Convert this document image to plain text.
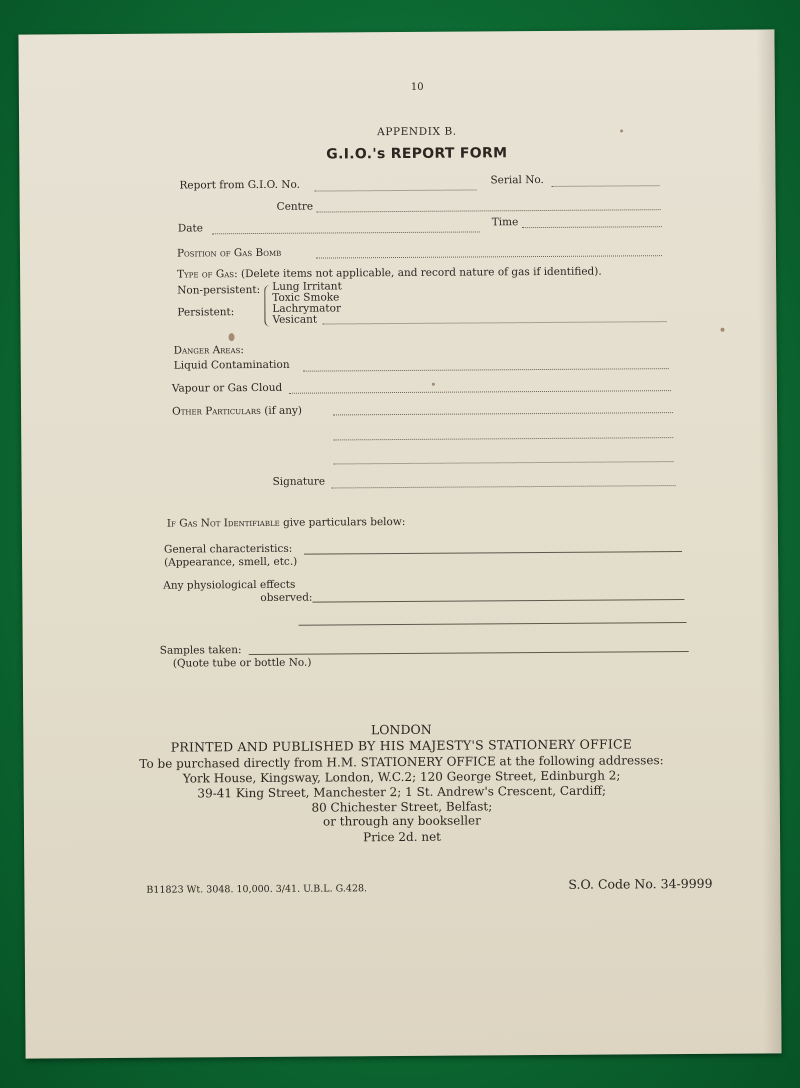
10
APPENDIX B.
G.I.O.'s REPORT FORM
Report from G.I.O. No.	Serial No.
Centre
Date
Time
Position of Gas Bomb
Type of Gas: (Delete items not applicable, and record nature of gas if identified).
Non-persistent:
Persistent:
Lung Irritant
Toxic Smoke
Lachrymator
Vesicant
Danger Areas:
Liquid Contamination
Vapour or Gas Cloud
Other Particulars (if any)
Signature
If Gas Not Identifiable give particulars below:
General characteristics:
(Appearance, smell, etc.)
Any physiological effects
observed:
Samples taken:
(Quote tube or bottle No.)
LONDON
PRINTED AND PUBLISHED BY HIS MAJESTY'S STATIONERY OFFICE
To be purchased directly from H.M. STATIONERY OFFICE at the following addresses:
York House, Kingsway, London, W.C.2; 120 George Street, Edinburgh 2;
39-41 King Street, Manchester 2; 1 St. Andrew's Crescent, Cardiff;
80 Chichester Street, Belfast;
or through any bookseller
Price 2d. net
B11823 Wt. 3048. 10,000. 3/41. U.B.L. G.428.	S.O. Code No. 34-9999
